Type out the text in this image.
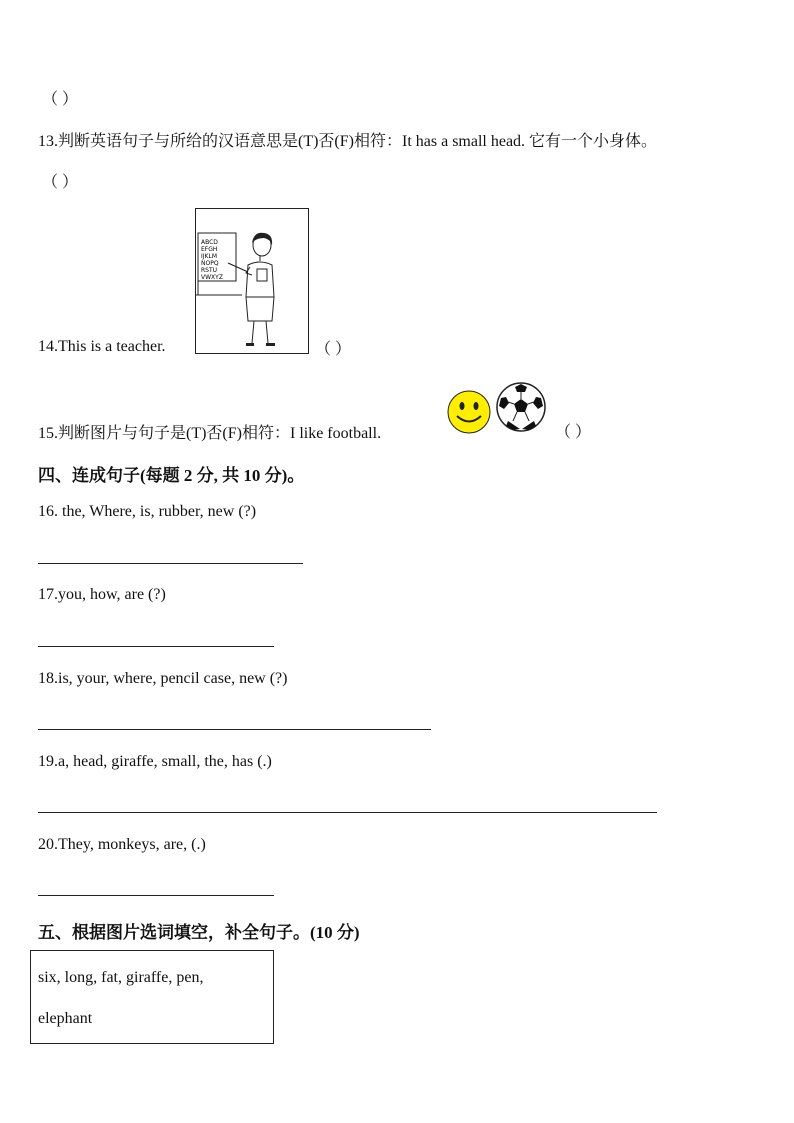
（ ）
13.判断英语句子与所给的汉语意思是(T)否(F)相符：It has a small head. 它有一个小身体。
（ ）
ABCD
EFGH
IJKLM
NOPQ
RSTU
VWXYZ
14.This is a teacher.	（ ）
15.判断图片与句子是(T)否(F)相符：I like football.	（ ）
四、连成句子(每题 2 分, 共 10 分)。
16. the, Where, is, rubber, new (?)
17.you, how, are (?)
18.is, your, where, pencil case, new (?)
19.a, head, giraffe, small, the, has (.)
20.They, monkeys, are, (.)
五、根据图片选词填空，补全句子。(10 分)
six, long, fat, giraffe, pen,
elephant
